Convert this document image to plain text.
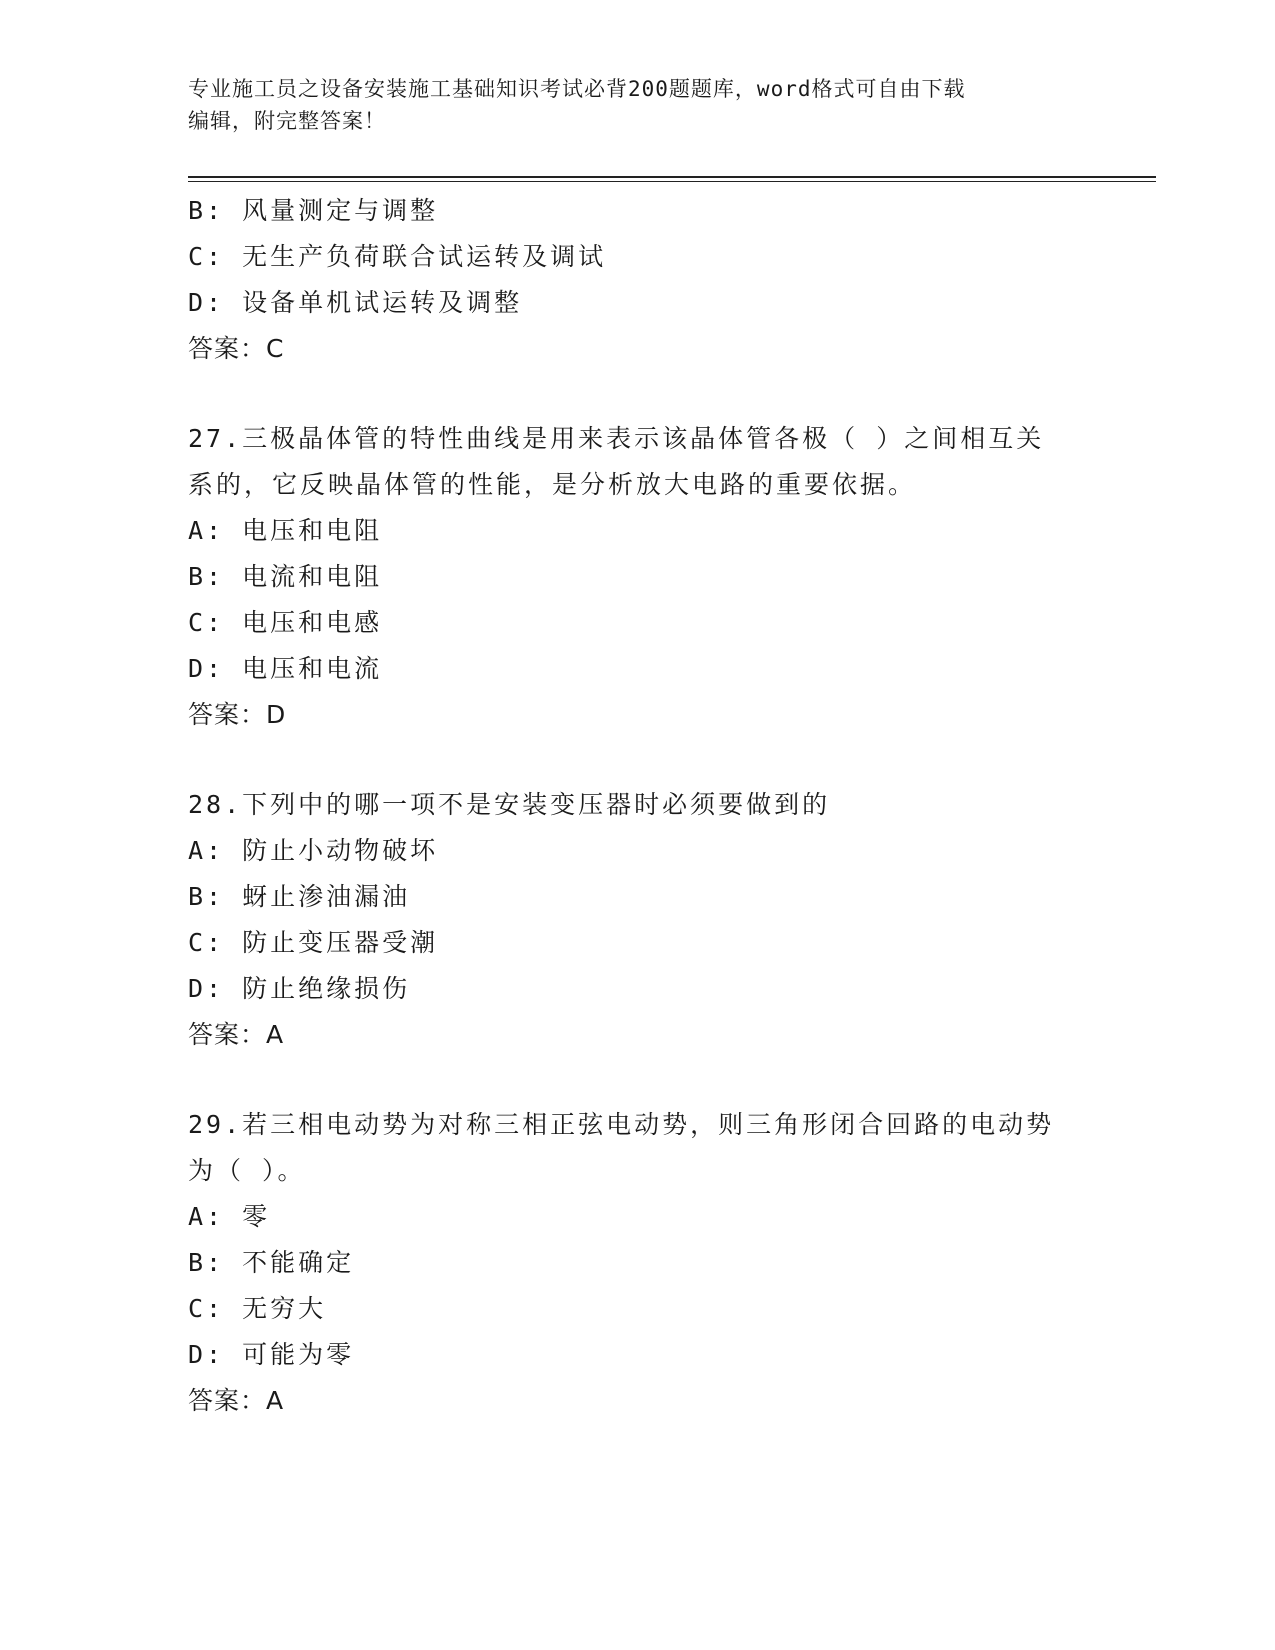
专业施工员之设备安装施工基础知识考试必背200题题库，word格式可自由下载
编辑，附完整答案！
B: 风量测定与调整
C: 无生产负荷联合试运转及调试
D: 设备单机试运转及调整
答案：C
27.三极晶体管的特性曲线是用来表示该晶体管各极（ ）之间相互关
系的，它反映晶体管的性能，是分析放大电路的重要依据。
A: 电压和电阻
B: 电流和电阻
C: 电压和电感
D: 电压和电流
答案：D
28.下列中的哪一项不是安装变压器时必须要做到的
A: 防止小动物破坏
B: 蚜止渗油漏油
C: 防止变压器受潮
D: 防止绝缘损伤
答案：A
29.若三相电动势为对称三相正弦电动势，则三角形闭合回路的电动势
为（ ）。
A: 零
B: 不能确定
C: 无穷大
D: 可能为零
答案：A
